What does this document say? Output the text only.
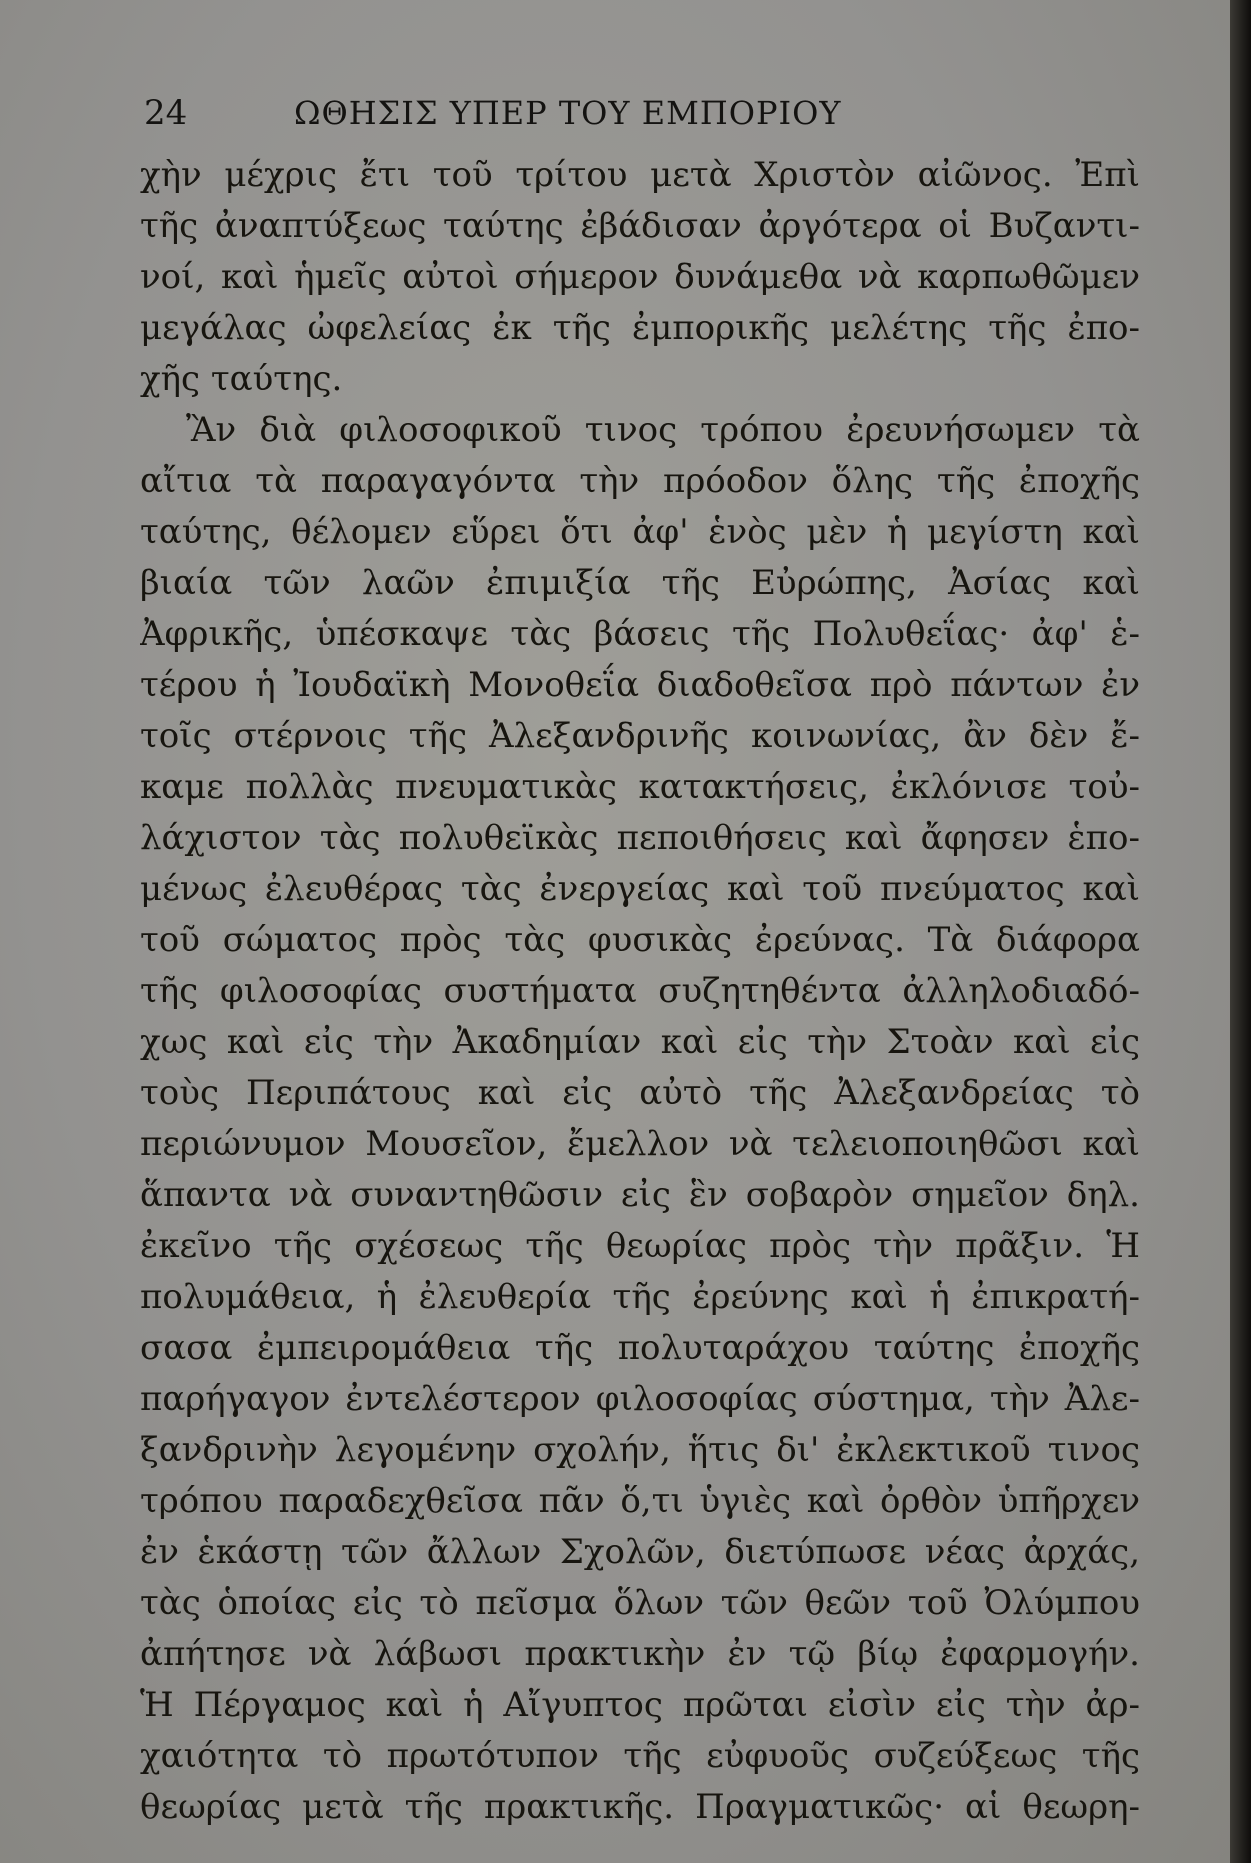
24	ΩΘΗΣΙΣ ΥΠΕΡ ΤΟΥ ΕΜΠΟΡΙΟΥ
χὴν μέχρις ἔτι τοῦ τρίτου μετὰ Χριστὸν αἰῶνος. Ἐπὶ
τῆς ἀναπτύξεως ταύτης ἐβάδισαν ἀργότερα οἱ Βυζαντι-
νοί, καὶ ἡμεῖς αὐτοὶ σήμερον δυνάμεθα νὰ καρπωθῶμεν
μεγάλας ὠφελείας ἐκ τῆς ἐμπορικῆς μελέτης τῆς ἐπο-
χῆς ταύτης.
Ἂν διὰ φιλοσοφικοῦ τινος τρόπου ἐρευνήσωμεν τὰ
αἴτια τὰ παραγαγόντα τὴν πρόοδον ὅλης τῆς ἐποχῆς
ταύτης, θέλομεν εὕρει ὅτι ἀφ' ἑνὸς μὲν ἡ μεγίστη καὶ
βιαία τῶν λαῶν ἐπιμιξία τῆς Εὐρώπης, Ἀσίας καὶ
Ἀφρικῆς, ὑπέσκαψε τὰς βάσεις τῆς Πολυθεΐας· ἀφ' ἑ-
τέρου ἡ Ἰουδαϊκὴ Μονοθεΐα διαδοθεῖσα πρὸ πάντων ἐν
τοῖς στέρνοις τῆς Ἀλεξανδρινῆς κοινωνίας, ἂν δὲν ἔ-
καμε πολλὰς πνευματικὰς κατακτήσεις, ἐκλόνισε τοὐ-
λάχιστον τὰς πολυθεϊκὰς πεποιθήσεις καὶ ἄφησεν ἑπο-
μένως ἐλευθέρας τὰς ἐνεργείας καὶ τοῦ πνεύματος καὶ
τοῦ σώματος πρὸς τὰς φυσικὰς ἐρεύνας. Τὰ διάφορα
τῆς φιλοσοφίας συστήματα συζητηθέντα ἀλληλοδιαδό-
χως καὶ εἰς τὴν Ἀκαδημίαν καὶ εἰς τὴν Στοὰν καὶ εἰς
τοὺς Περιπάτους καὶ εἰς αὐτὸ τῆς Ἀλεξανδρείας τὸ
περιώνυμον Μουσεῖον, ἔμελλον νὰ τελειοποιηθῶσι καὶ
ἅπαντα νὰ συναντηθῶσιν εἰς ἓν σοβαρὸν σημεῖον δηλ.
ἐκεῖνο τῆς σχέσεως τῆς θεωρίας πρὸς τὴν πρᾶξιν. Ἡ
πολυμάθεια, ἡ ἐλευθερία τῆς ἐρεύνης καὶ ἡ ἐπικρατή-
σασα ἐμπειρομάθεια τῆς πολυταράχου ταύτης ἐποχῆς
παρήγαγον ἐντελέστερον φιλοσοφίας σύστημα, τὴν Ἀλε-
ξανδρινὴν λεγομένην σχολήν, ἥτις δι' ἐκλεκτικοῦ τινος
τρόπου παραδεχθεῖσα πᾶν ὅ,τι ὑγιὲς καὶ ὀρθὸν ὑπῆρχεν
ἐν ἑκάστῃ τῶν ἄλλων Σχολῶν, διετύπωσε νέας ἀρχάς,
τὰς ὁποίας εἰς τὸ πεῖσμα ὅλων τῶν θεῶν τοῦ Ὀλύμπου
ἀπήτησε νὰ λάβωσι πρακτικὴν ἐν τῷ βίῳ ἐφαρμογήν.
Ἡ Πέργαμος καὶ ἡ Αἴγυπτος πρῶται εἰσὶν εἰς τὴν ἀρ-
χαιότητα τὸ πρωτότυπον τῆς εὐφυοῦς συζεύξεως τῆς
θεωρίας μετὰ τῆς πρακτικῆς. Πραγματικῶς· αἱ θεωρη-
